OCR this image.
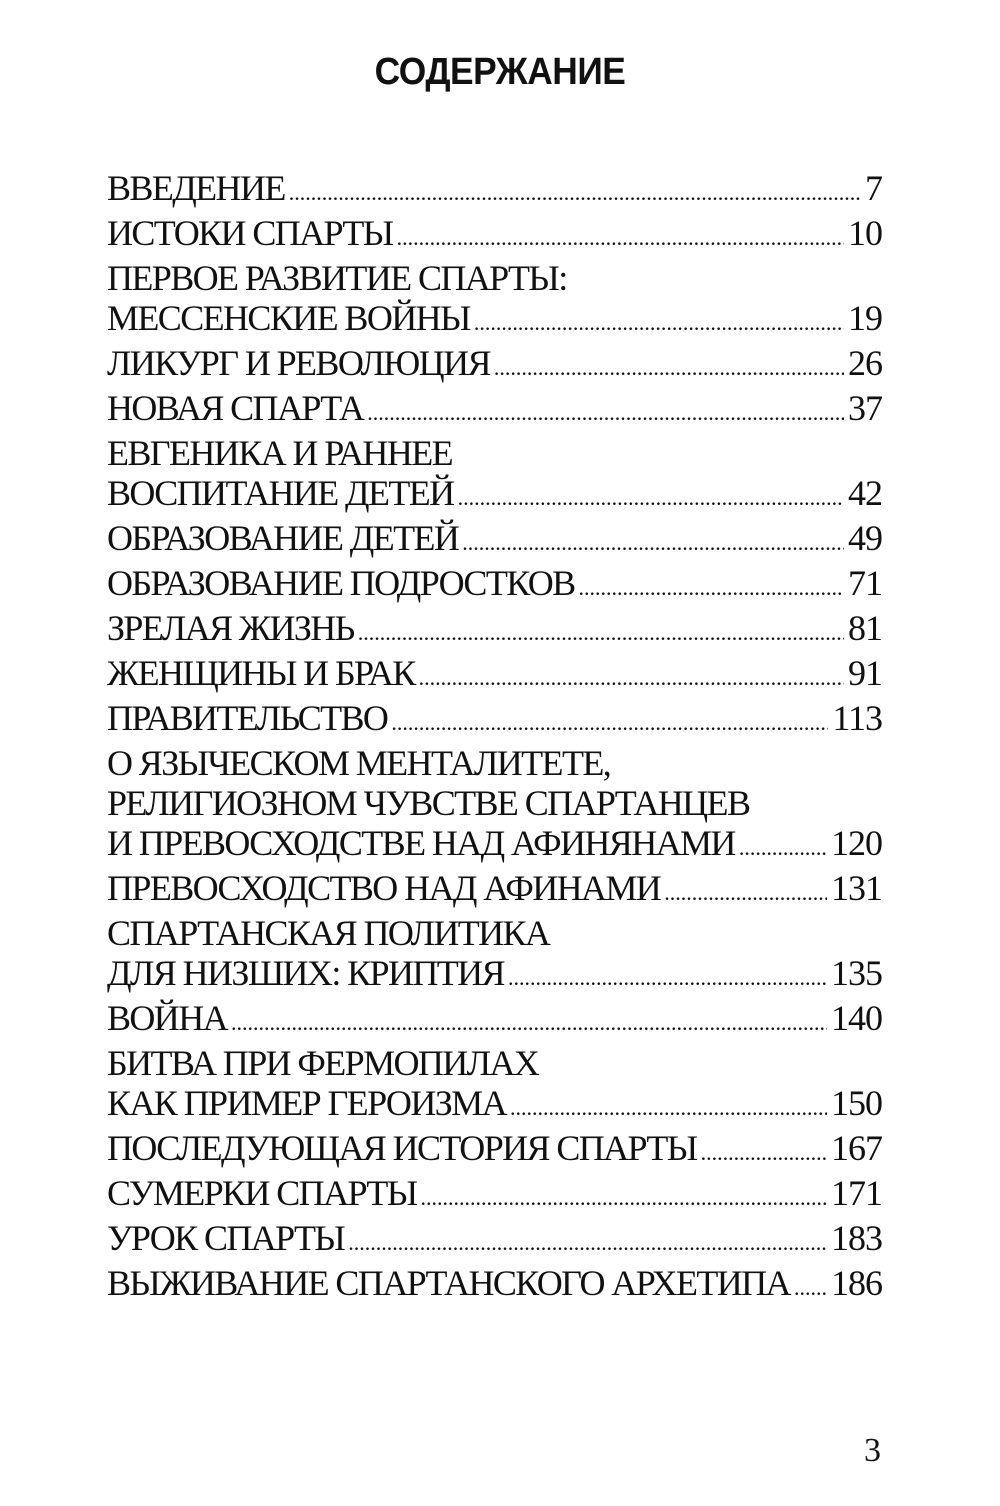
СОДЕРЖАНИЕ
ВВЕДЕНИЕ .....	7
ИСТОКИ СПАРТЫ .....	10
ПЕРВОЕ РАЗВИТИЕ СПАРТЫ:
МЕССЕНСКИЕ ВОЙНЫ .....	19
ЛИКУРГ И РЕВОЛЮЦИЯ .....	26
НОВАЯ СПАРТА .....	37
ЕВГЕНИКА И РАННЕЕ
ВОСПИТАНИЕ ДЕТЕЙ .....	42
ОБРАЗОВАНИЕ ДЕТЕЙ .....	49
ОБРАЗОВАНИЕ ПОДРОСТКОВ .....	71
ЗРЕЛАЯ ЖИЗНЬ .....	81
ЖЕНЩИНЫ И БРАК .....	91
ПРАВИТЕЛЬСТВО .....	113
О ЯЗЫЧЕСКОМ МЕНТАЛИТЕТЕ,
РЕЛИГИОЗНОМ ЧУВСТВЕ СПАРТАНЦЕВ
И ПРЕВОСХОДСТВЕ НАД АФИНЯНАМИ .....	120
ПРЕВОСХОДСТВО НАД АФИНАМИ .....	131
СПАРТАНСКАЯ ПОЛИТИКА
ДЛЯ НИЗШИХ: КРИПТИЯ .....	135
ВОЙНА .....	140
БИТВА ПРИ ФЕРМОПИЛАХ
КАК ПРИМЕР ГЕРОИЗМА .....	150
ПОСЛЕДУЮЩАЯ ИСТОРИЯ СПАРТЫ .....	167
СУМЕРКИ СПАРТЫ .....	171
УРОК СПАРТЫ .....	183
ВЫЖИВАНИЕ СПАРТАНСКОГО АРХЕТИПА ..... 186
3
